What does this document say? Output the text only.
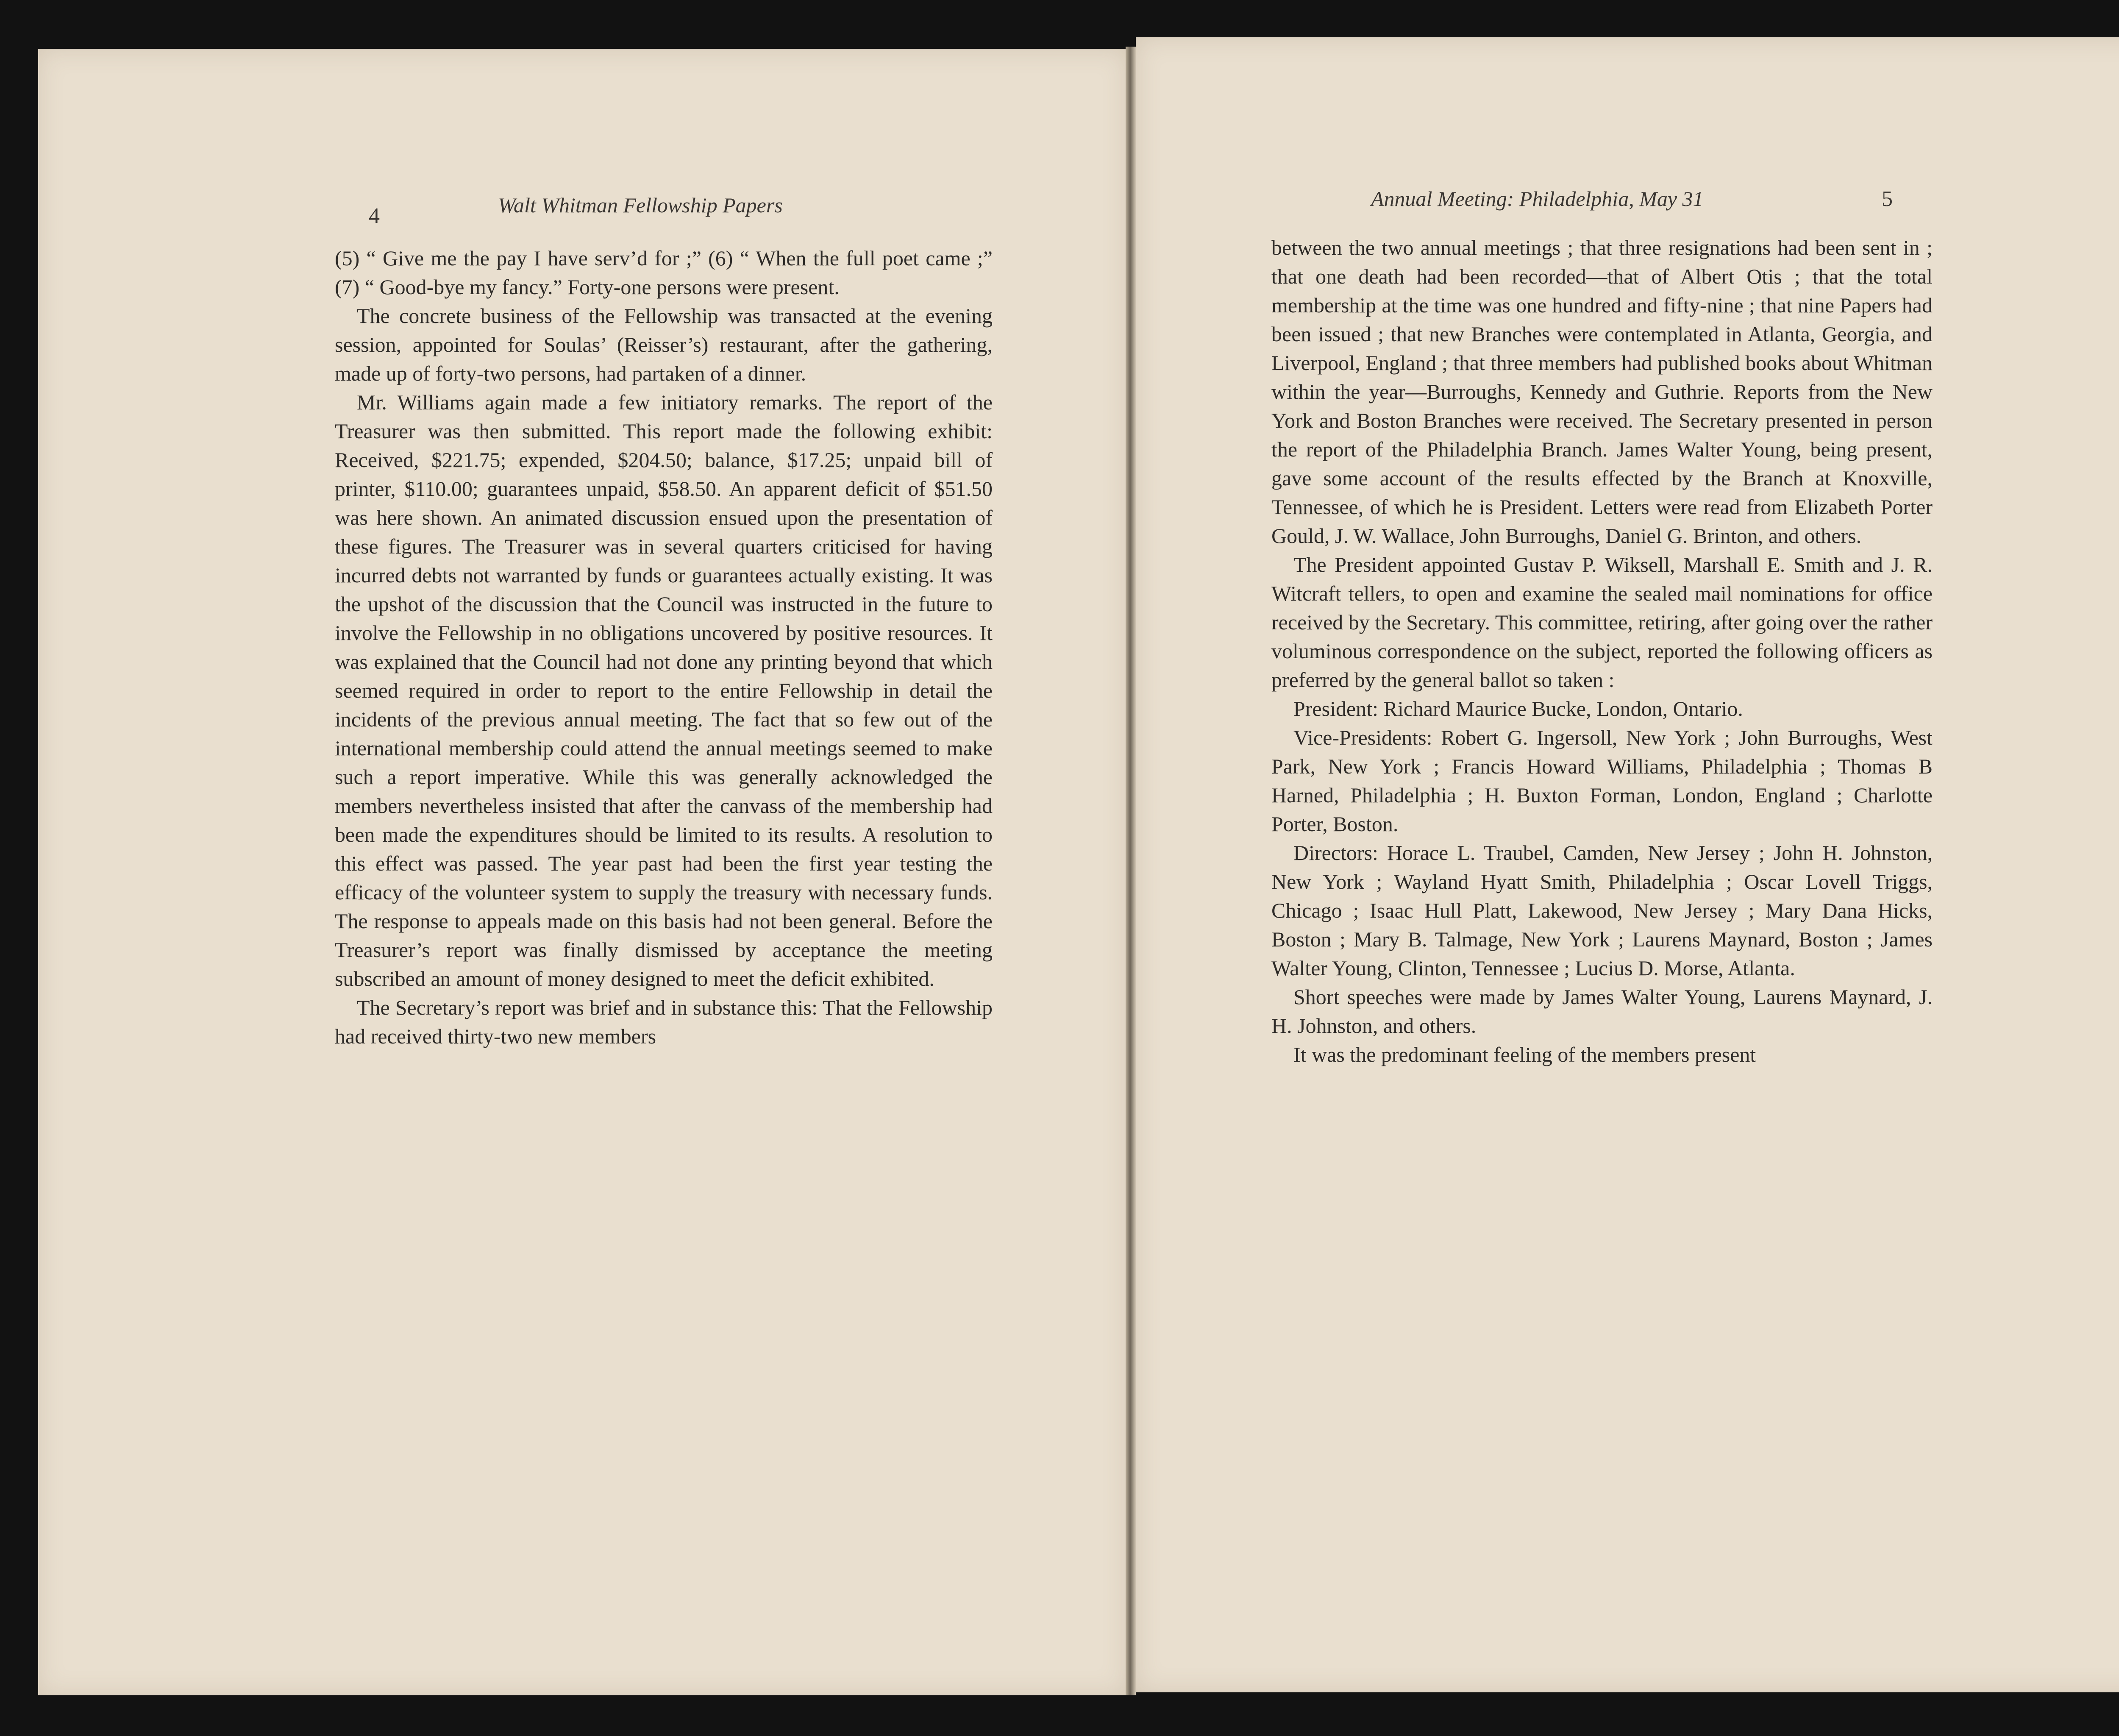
4	Walt Whitman Fellowship Papers	Annual Meeting: Philadelphia, May 31	5

(5) “ Give me the pay I have serv’d for ;” (6) “ When the full poet came ;” (7) “ Good-bye my fancy.” Forty-one persons were present.

The concrete business of the Fellowship was transacted at the evening session, appointed for Soulas’ (Reisser’s) restaurant, after the gathering, made up of forty-two persons, had partaken of a dinner.

Mr. Williams again made a few initiatory remarks. The report of the Treasurer was then submitted. This report made the following exhibit: Received, $221.75; expended, $204.50; balance, $17.25; unpaid bill of printer, $110.00; guarantees unpaid, $58.50. An apparent deficit of $51.50 was here shown. An animated discussion ensued upon the presentation of these figures. The Treasurer was in several quarters criticised for having incurred debts not warranted by funds or guarantees actually existing. It was the upshot of the discussion that the Council was instructed in the future to involve the Fellowship in no obligations uncovered by positive resources. It was explained that the Council had not done any printing beyond that which seemed required in order to report to the entire Fellowship in detail the incidents of the previous annual meeting. The fact that so few out of the international membership could attend the annual meetings seemed to make such a report imperative. While this was generally acknowledged the members nevertheless insisted that after the canvass of the membership had been made the expenditures should be limited to its results. A resolution to this effect was passed. The year past had been the first year testing the efficacy of the volunteer system to supply the treasury with necessary funds. The response to appeals made on this basis had not been general. Before the Treasurer’s report was finally dismissed by acceptance the meeting subscribed an amount of money designed to meet the deficit exhibited.

The Secretary’s report was brief and in substance this: That the Fellowship had received thirty-two new members

between the two annual meetings ; that three resignations had been sent in ; that one death had been recorded—that of Albert Otis ; that the total membership at the time was one hundred and fifty-nine ; that nine Papers had been issued ; that new Branches were contemplated in Atlanta, Georgia, and Liverpool, England ; that three members had published books about Whitman within the year—Burroughs, Kennedy and Guthrie. Reports from the New York and Boston Branches were received. The Secretary presented in person the report of the Philadelphia Branch. James Walter Young, being present, gave some account of the results effected by the Branch at Knoxville, Tennessee, of which he is President. Letters were read from Elizabeth Porter Gould, J. W. Wallace, John Burroughs, Daniel G. Brinton, and others.

The President appointed Gustav P. Wiksell, Marshall E. Smith and J. R. Witcraft tellers, to open and examine the sealed mail nominations for office received by the Secretary. This committee, retiring, after going over the rather voluminous correspondence on the subject, reported the following officers as preferred by the general ballot so taken :

President: Richard Maurice Bucke, London, Ontario.

Vice-Presidents: Robert G. Ingersoll, New York ; John Burroughs, West Park, New York ; Francis Howard Williams, Philadelphia ; Thomas B Harned, Philadelphia ; H. Buxton Forman, London, England ; Charlotte Porter, Boston.

Directors: Horace L. Traubel, Camden, New Jersey ; John H. Johnston, New York ; Wayland Hyatt Smith, Philadelphia ; Oscar Lovell Triggs, Chicago ; Isaac Hull Platt, Lakewood, New Jersey ; Mary Dana Hicks, Boston ; Mary B. Talmage, New York ; Laurens Maynard, Boston ; James Walter Young, Clinton, Tennessee ; Lucius D. Morse, Atlanta.

Short speeches were made by James Walter Young, Laurens Maynard, J. H. Johnston, and others.

It was the predominant feeling of the members present
